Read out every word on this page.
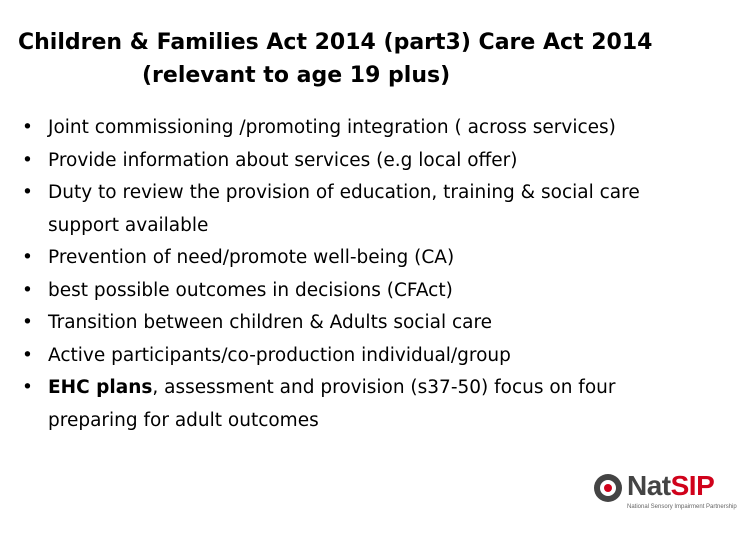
Children & Families Act 2014 (part3) Care Act 2014
(relevant to age 19 plus)
• Joint commissioning /promoting integration ( across services)
• Provide information about services (e.g local offer)
• Duty to review the provision of education, training & social care support available
• Prevention of need/promote well-being (CA)
• best possible outcomes in decisions (CFAct)
• Transition between children & Adults social care
• Active participants/co-production individual/group
• EHC plans, assessment and provision (s37-50) focus on four preparing for adult outcomes
NatSIP
National Sensory Impairment Partnership
